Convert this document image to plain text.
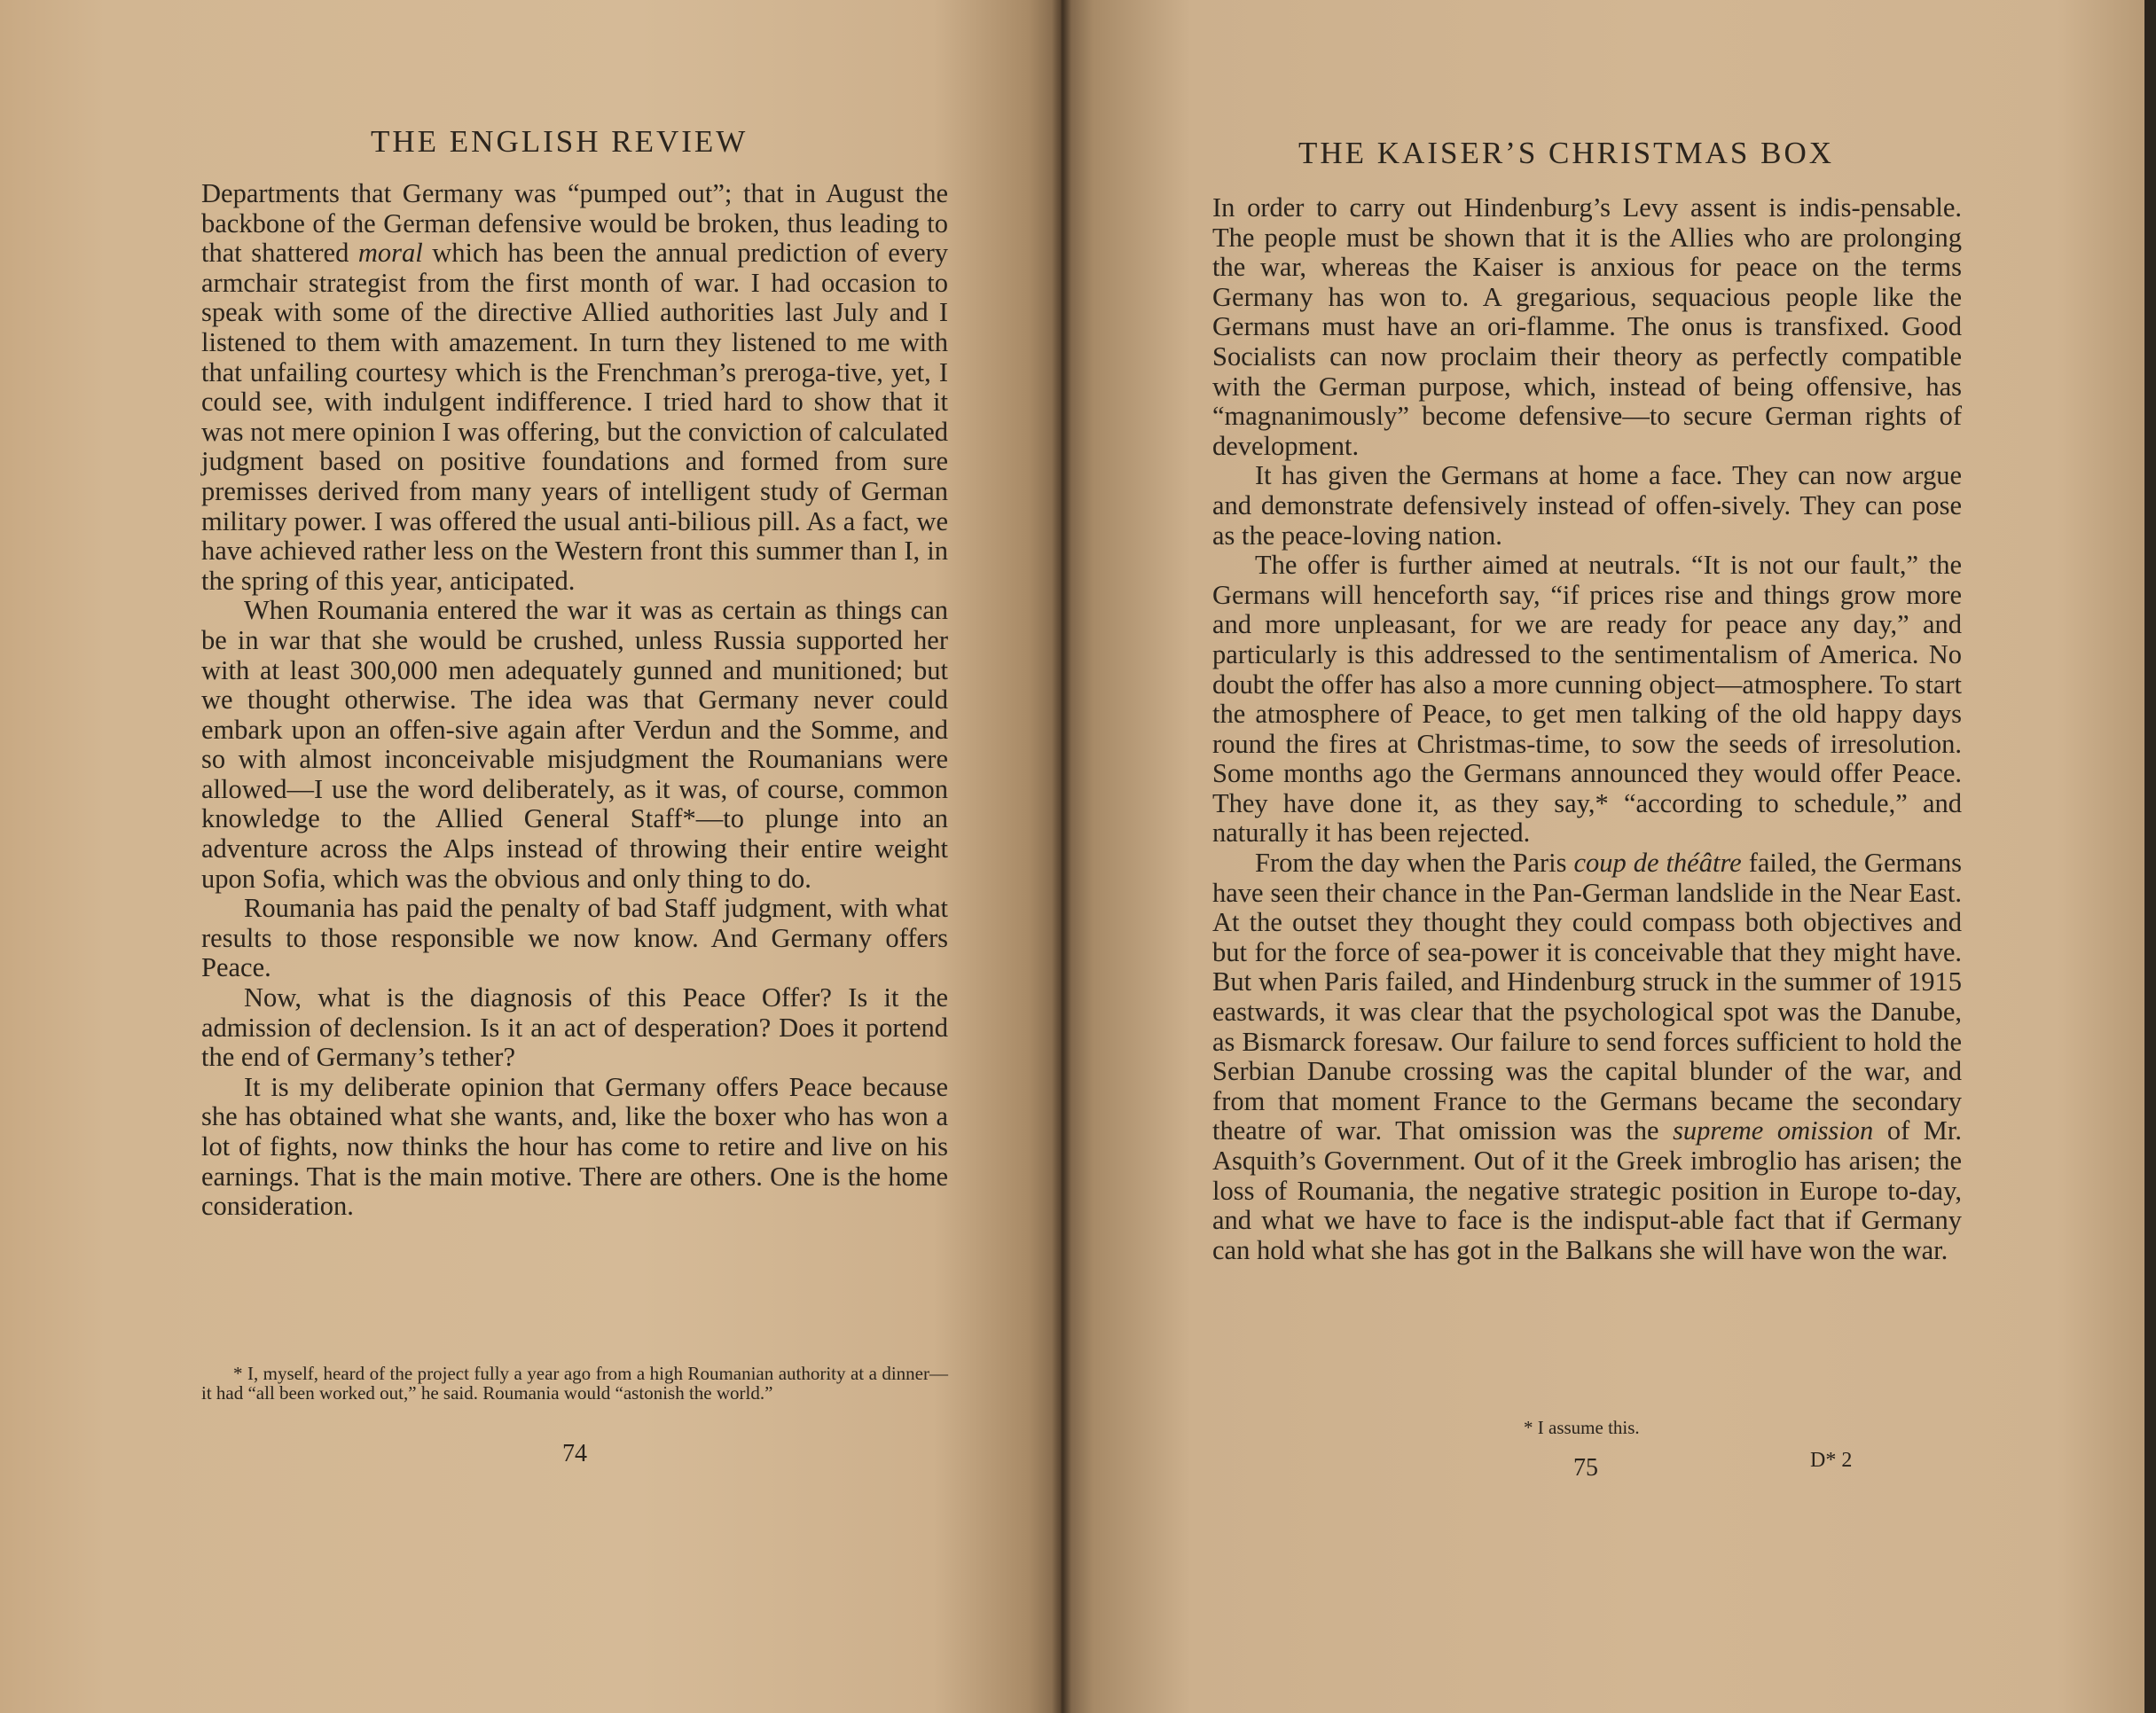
THE ENGLISH REVIEW

Departments that Germany was “pumped out”; that in August the backbone of the German defensive would be broken, thus leading to that shattered moral which has been the annual prediction of every armchair strategist from the first month of war. I had occasion to speak with some of the directive Allied authorities last July and I listened to them with amazement. In turn they listened to me with that unfailing courtesy which is the Frenchman’s preroga-tive, yet, I could see, with indulgent indifference. I tried hard to show that it was not mere opinion I was offering, but the conviction of calculated judgment based on positive foundations and formed from sure premisses derived from many years of intelligent study of German military power. I was offered the usual anti-bilious pill. As a fact, we have achieved rather less on the Western front this summer than I, in the spring of this year, anticipated.

When Roumania entered the war it was as certain as things can be in war that she would be crushed, unless Russia supported her with at least 300,000 men adequately gunned and munitioned; but we thought otherwise. The idea was that Germany never could embark upon an offen-sive again after Verdun and the Somme, and so with almost inconceivable misjudgment the Roumanians were allowed—I use the word deliberately, as it was, of course, common knowledge to the Allied General Staff*—to plunge into an adventure across the Alps instead of throwing their entire weight upon Sofia, which was the obvious and only thing to do.

Roumania has paid the penalty of bad Staff judgment, with what results to those responsible we now know. And Germany offers Peace.

Now, what is the diagnosis of this Peace Offer? Is it the admission of declension. Is it an act of desperation? Does it portend the end of Germany’s tether?

It is my deliberate opinion that Germany offers Peace because she has obtained what she wants, and, like the boxer who has won a lot of fights, now thinks the hour has come to retire and live on his earnings. That is the main motive. There are others. One is the home consideration.

* I, myself, heard of the project fully a year ago from a high Roumanian authority at a dinner—it had “all been worked out,” he said. Roumania would “astonish the world.”

74
THE KAISER’S CHRISTMAS BOX

In order to carry out Hindenburg’s Levy assent is indis-pensable. The people must be shown that it is the Allies who are prolonging the war, whereas the Kaiser is anxious for peace on the terms Germany has won to. A gregarious, sequacious people like the Germans must have an ori-flamme. The onus is transfixed. Good Socialists can now proclaim their theory as perfectly compatible with the German purpose, which, instead of being offensive, has “magnanimously” become defensive—to secure German rights of development.

It has given the Germans at home a face. They can now argue and demonstrate defensively instead of offen-sively. They can pose as the peace-loving nation.

The offer is further aimed at neutrals. “It is not our fault,” the Germans will henceforth say, “if prices rise and things grow more and more unpleasant, for we are ready for peace any day,” and particularly is this addressed to the sentimentalism of America. No doubt the offer has also a more cunning object—atmosphere. To start the atmosphere of Peace, to get men talking of the old happy days round the fires at Christmas-time, to sow the seeds of irresolution. Some months ago the Germans announced they would offer Peace. They have done it, as they say,* “according to schedule,” and naturally it has been rejected.

From the day when the Paris coup de théâtre failed, the Germans have seen their chance in the Pan-German landslide in the Near East. At the outset they thought they could compass both objectives and but for the force of sea-power it is conceivable that they might have. But when Paris failed, and Hindenburg struck in the summer of 1915 eastwards, it was clear that the psychological spot was the Danube, as Bismarck foresaw. Our failure to send forces sufficient to hold the Serbian Danube crossing was the capital blunder of the war, and from that moment France to the Germans became the secondary theatre of war. That omission was the supreme omission of Mr. Asquith’s Government. Out of it the Greek imbroglio has arisen; the loss of Roumania, the negative strategic position in Europe to-day, and what we have to face is the indisput-able fact that if Germany can hold what she has got in the Balkans she will have won the war.

* I assume this.

75	D* 2
